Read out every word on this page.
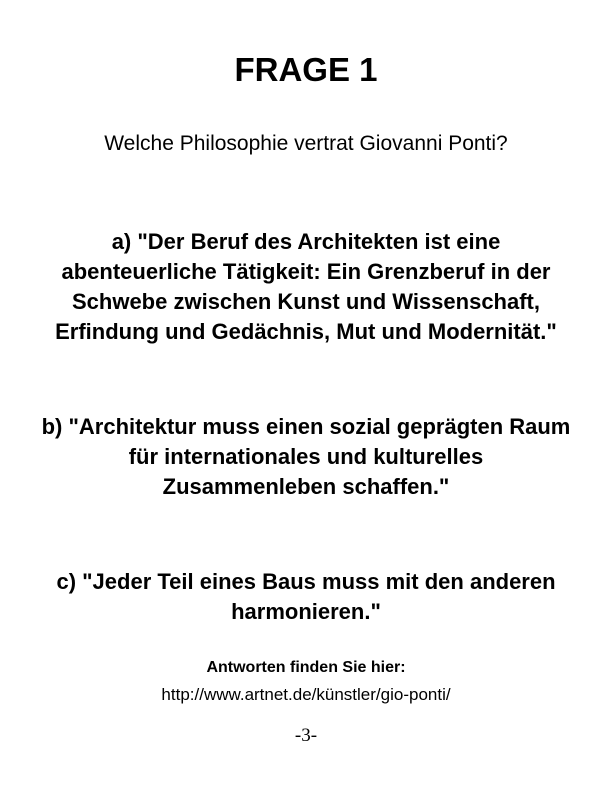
FRAGE 1
Welche Philosophie vertrat Giovanni Ponti?
a) "Der Beruf des Architekten ist eine abenteuerliche Tätigkeit: Ein Grenzberuf in der Schwebe zwischen Kunst und Wissenschaft, Erfindung und Gedächnis, Mut und Modernität."
b) "Architektur muss einen sozial geprägten Raum für internationales und kulturelles Zusammenleben schaffen."
c) "Jeder Teil eines Baus muss mit den anderen harmonieren."
Antworten finden Sie hier:
http://www.artnet.de/künstler/gio-ponti/
-3-
